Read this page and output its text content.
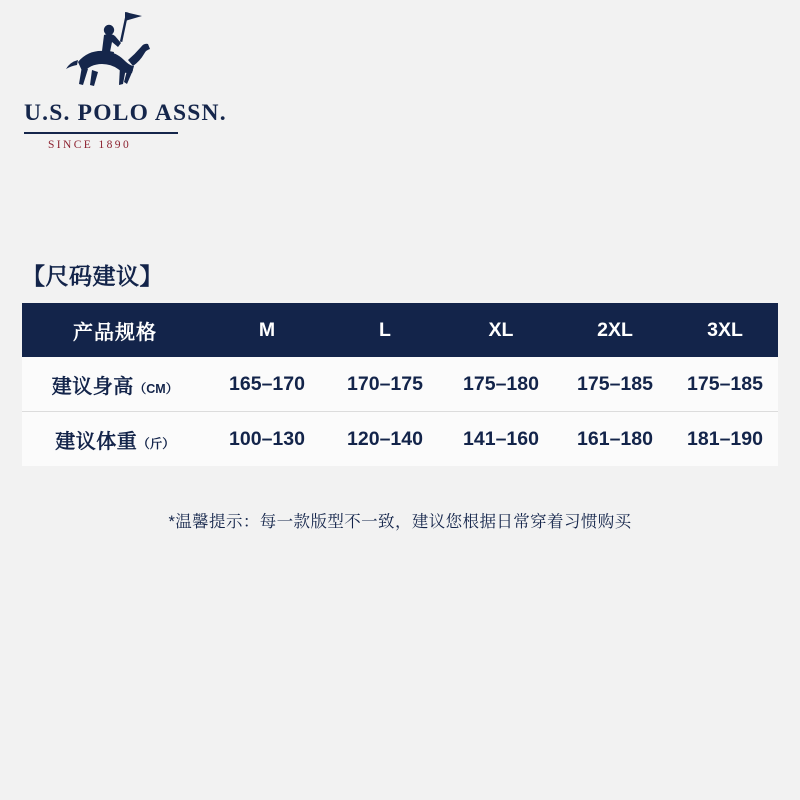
U.S. POLO ASSN.
SINCE 1890
【尺码建议】
产品规格	M	L	XL	2XL	3XL
建议身高（CM）	165–170	170–175	175–180	175–185	175–185
建议体重（斤）	100–130	120–140	141–160	161–180	181–190
*温馨提示：每一款版型不一致，建议您根据日常穿着习惯购买
